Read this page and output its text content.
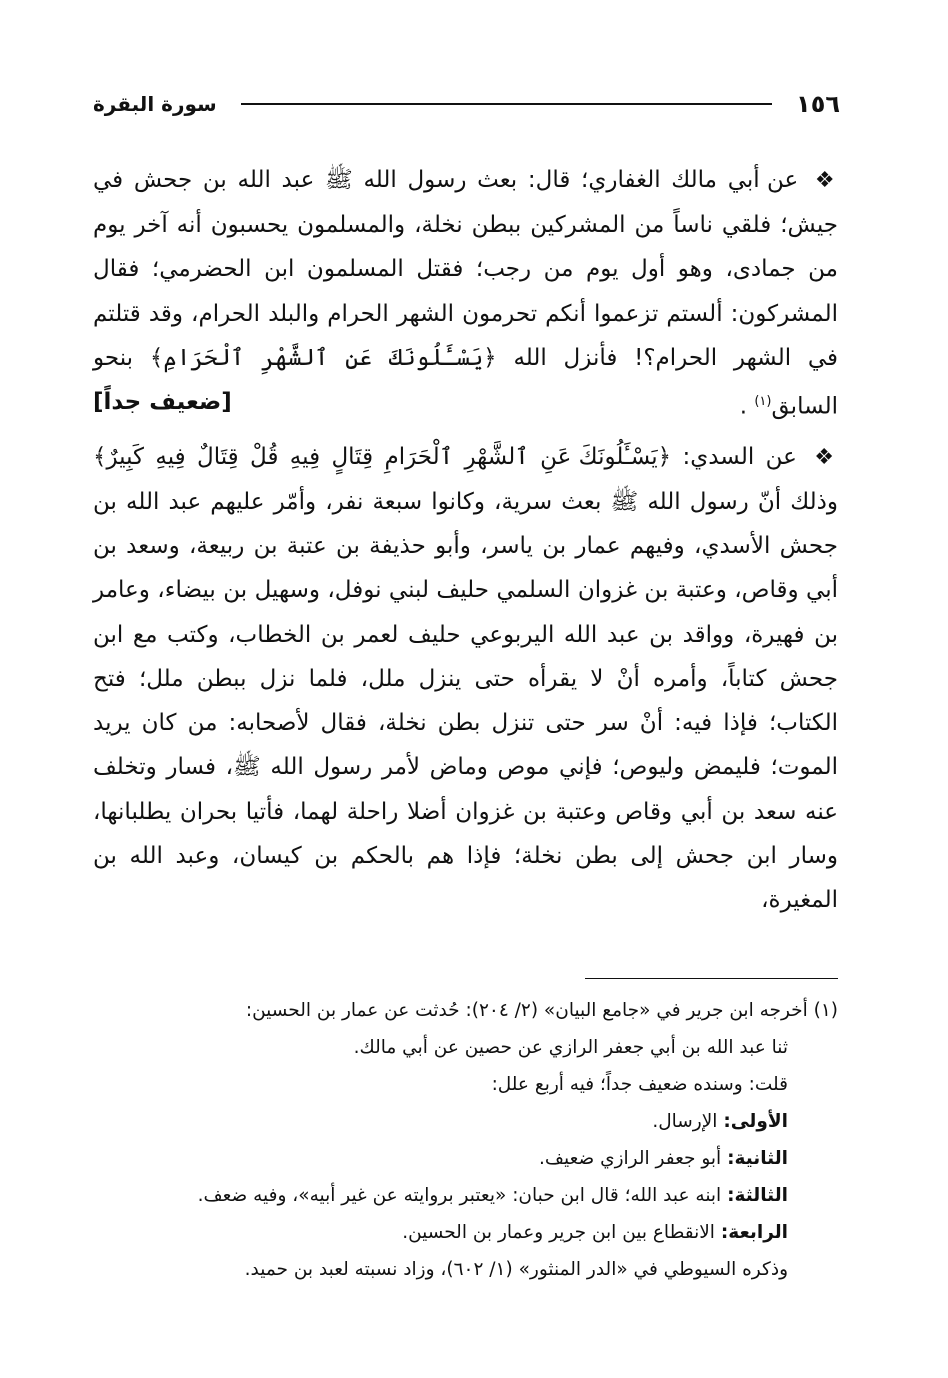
١٥٦
سورة البقرة

❖ عن أبي مالك الغفاري؛ قال: بعث رسول الله ﷺ عبد الله بن جحش في جيش؛ فلقي ناساً من المشركين ببطن نخلة، والمسلمون يحسبون أنه آخر يوم من جمادى، وهو أول يوم من رجب؛ فقتل المسلمون ابن الحضرمي؛ فقال المشركون: ألستم تزعموا أنكم تحرمون الشهر الحرام والبلد الحرام، وقد قتلتم في الشهر الحرام؟! فأنزل الله ﴿يَسْـَٔلُونَكَ عَنِ ٱلشَّهْرِ ٱلْحَرَامِ﴾ بنحو السابق$^{(١)}$ .
[ضعيف جداً]

❖ عن السدي: ﴿يَسْـَٔلُونَكَ عَنِ ٱلشَّهْرِ ٱلْحَرَامِ قِتَالٍ فِيهِ قُلْ قِتَالٌ فِيهِ كَبِيرٌ﴾ وذلك أنّ رسول الله ﷺ بعث سرية، وكانوا سبعة نفر، وأمّر عليهم عبد الله بن جحش الأسدي، وفيهم عمار بن ياسر، وأبو حذيفة بن عتبة بن ربيعة، وسعد بن أبي وقاص، وعتبة بن غزوان السلمي حليف لبني نوفل، وسهيل بن بيضاء، وعامر بن فهيرة، وواقد بن عبد الله اليربوعي حليف لعمر بن الخطاب، وكتب مع ابن جحش كتاباً، وأمره أنْ لا يقرأه حتى ينزل ملل، فلما نزل ببطن ملل؛ فتح الكتاب؛ فإذا فيه: أنْ سر حتى تنزل بطن نخلة، فقال لأصحابه: من كان يريد الموت؛ فليمض وليوص؛ فإني موص وماض لأمر رسول الله ﷺ، فسار وتخلف عنه سعد بن أبي وقاص وعتبة بن غزوان أضلا راحلة لهما، فأتيا بحران يطلبانها، وسار ابن جحش إلى بطن نخلة؛ فإذا هم بالحكم بن كيسان، وعبد الله بن المغيرة،

(١) أخرجه ابن جرير في «جامع البيان» (٢/ ٢٠٤): حُدثت عن عمار بن الحسين:

ثنا عبد الله بن أبي جعفر الرازي عن حصين عن أبي مالك.

قلت: وسنده ضعيف جداً؛ فيه أربع علل:

الأولى: الإرسال.

الثانية: أبو جعفر الرازي ضعيف.

الثالثة: ابنه عبد الله؛ قال ابن حبان: «يعتبر بروايته عن غير أبيه»، وفيه ضعف.

الرابعة: الانقطاع بين ابن جرير وعمار بن الحسين.

وذكره السيوطي في «الدر المنثور» (١/ ٦٠٢)، وزاد نسبته لعبد بن حميد.
